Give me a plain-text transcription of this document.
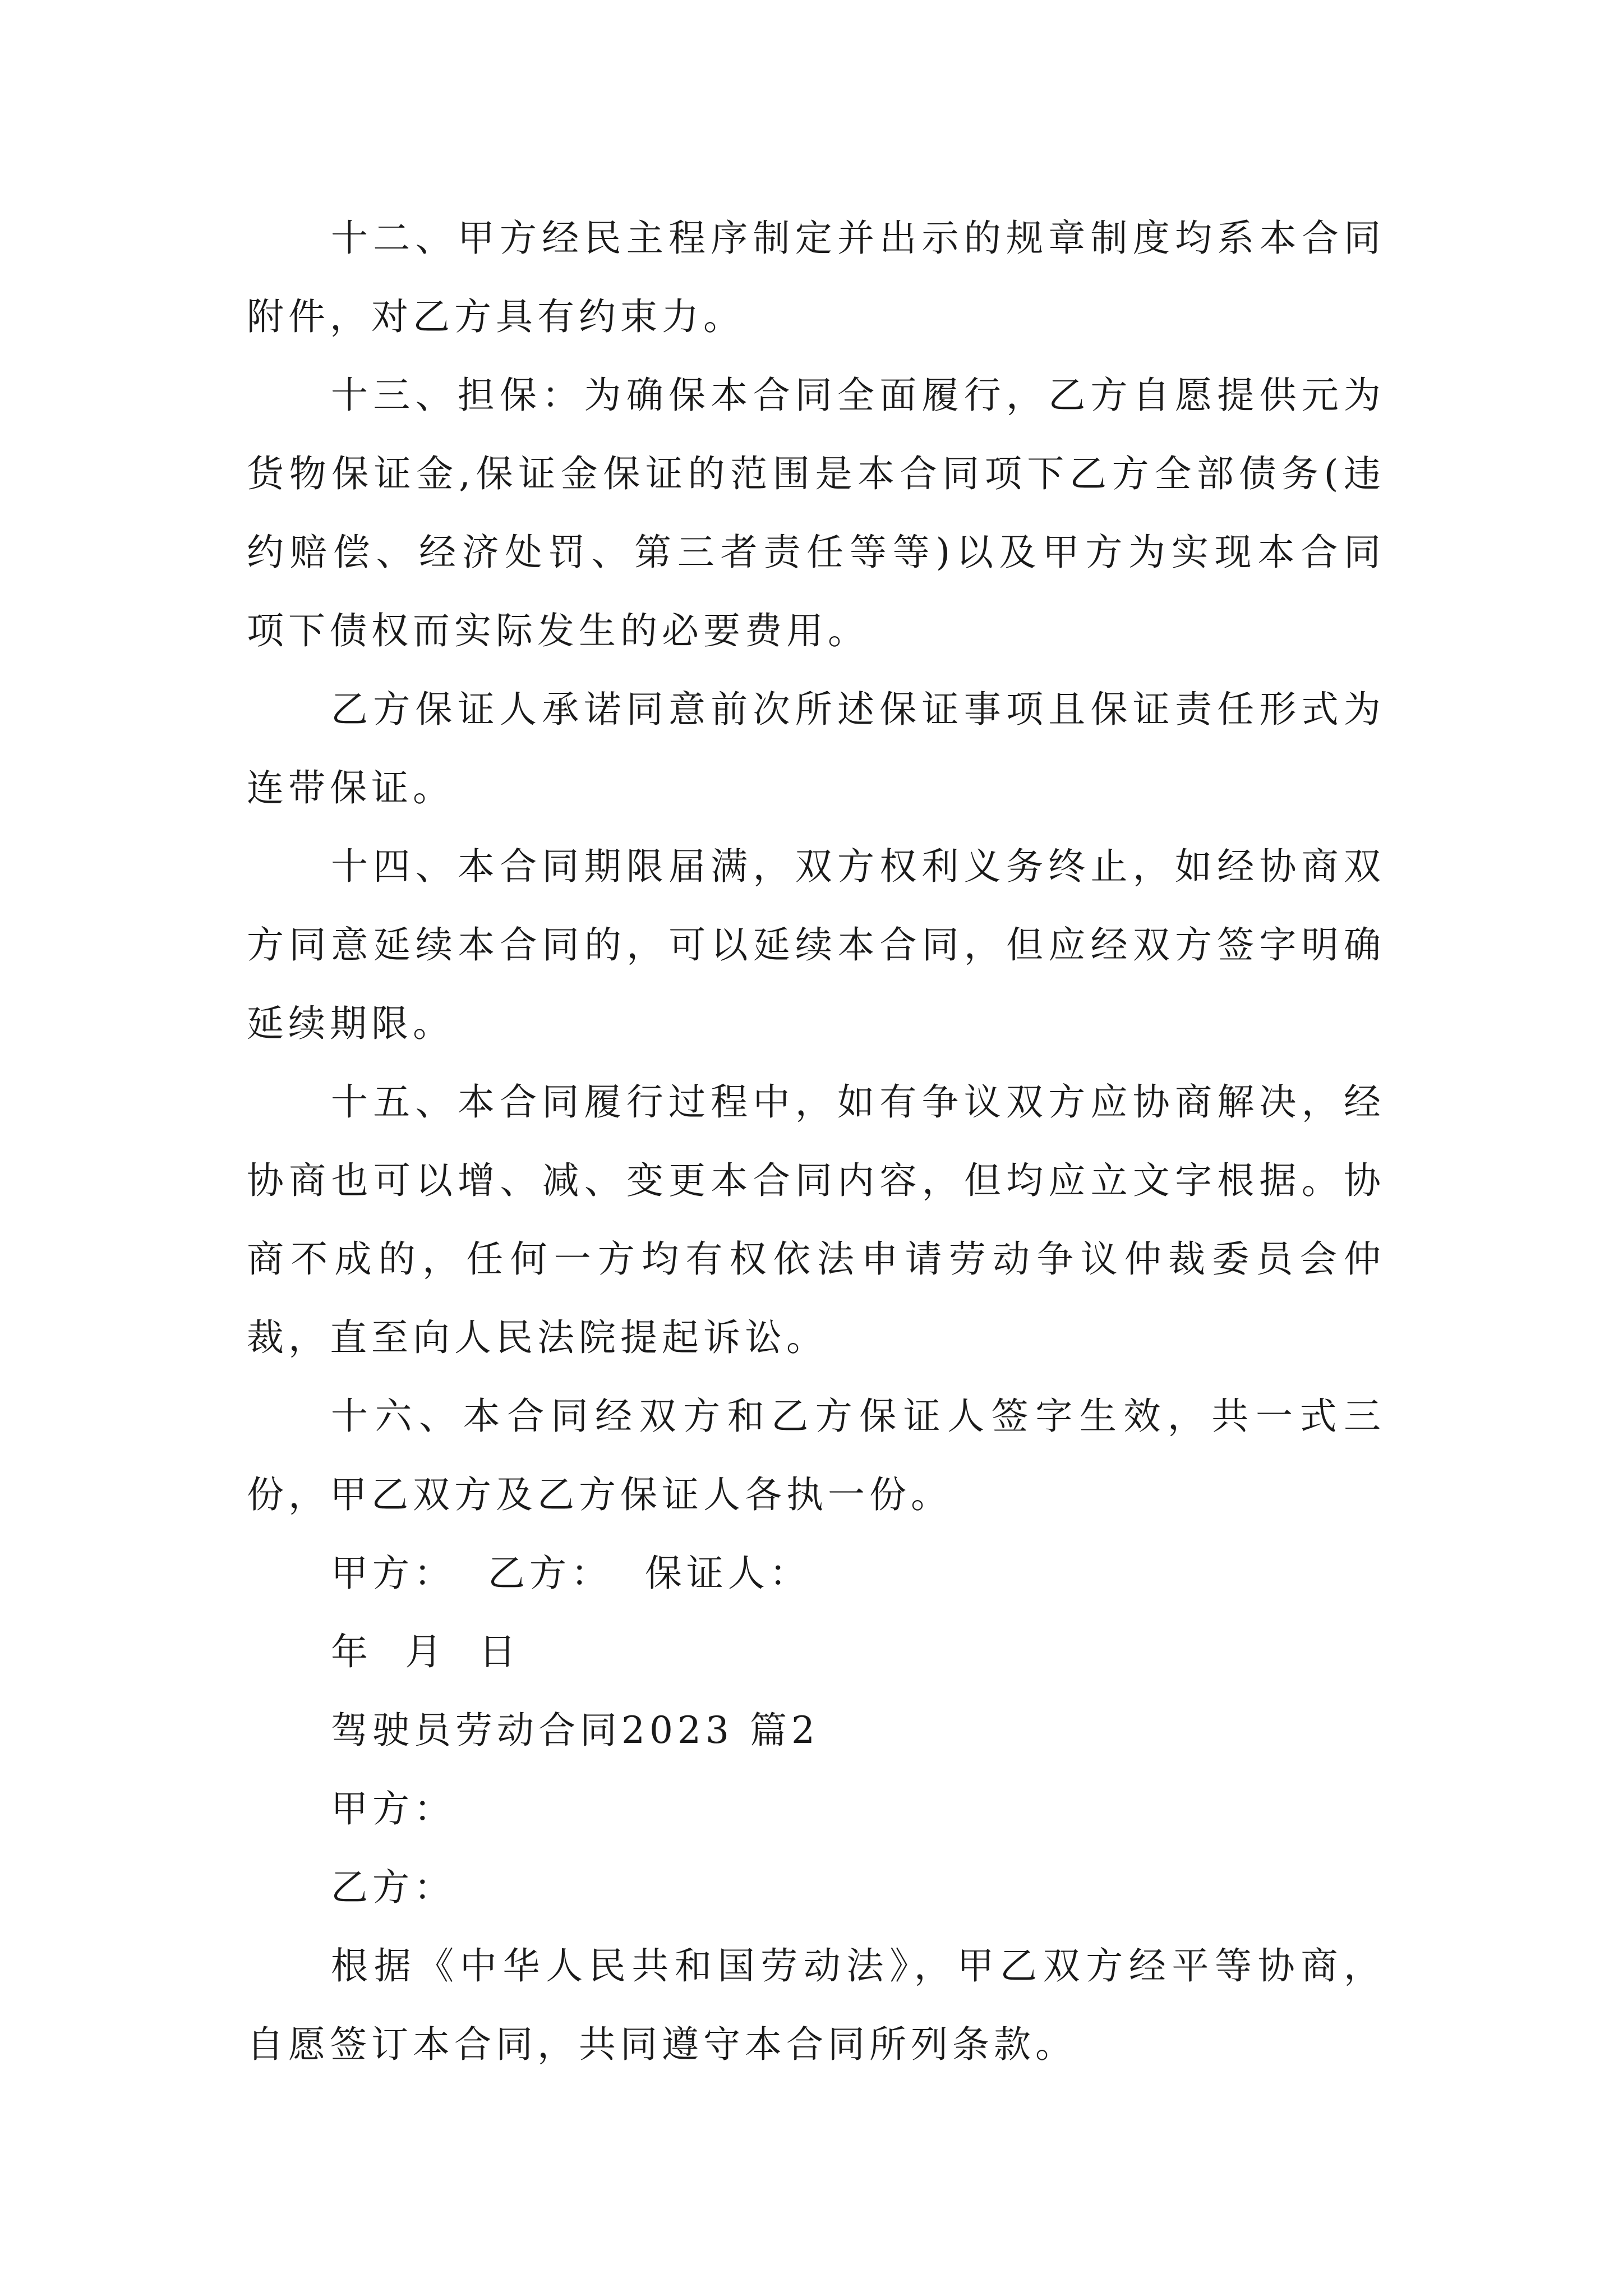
十二、甲方经民主程序制定并出示的规章制度均系本合同附件，对乙方具有约束力。

十三、担保：为确保本合同全面履行，乙方自愿提供元为货物保证金,保证金保证的范围是本合同项下乙方全部债务(违约赔偿、经济处罚、第三者责任等等)以及甲方为实现本合同项下债权而实际发生的必要费用。

乙方保证人承诺同意前次所述保证事项且保证责任形式为连带保证。

十四、本合同期限届满，双方权利义务终止，如经协商双方同意延续本合同的，可以延续本合同，但应经双方签字明确延续期限。

十五、本合同履行过程中，如有争议双方应协商解决，经协商也可以增、减、变更本合同内容，但均应立文字根据。协商不成的，任何一方均有权依法申请劳动争议仲裁委员会仲裁，直至向人民法院提起诉讼。

十六、本合同经双方和乙方保证人签字生效，共一式三份，甲乙双方及乙方保证人各执一份。

甲方：  乙方：  保证人：

年  月  日

驾驶员劳动合同2023 篇2

甲方：

乙方：

根据《中华人民共和国劳动法》，甲乙双方经平等协商，自愿签订本合同，共同遵守本合同所列条款。
